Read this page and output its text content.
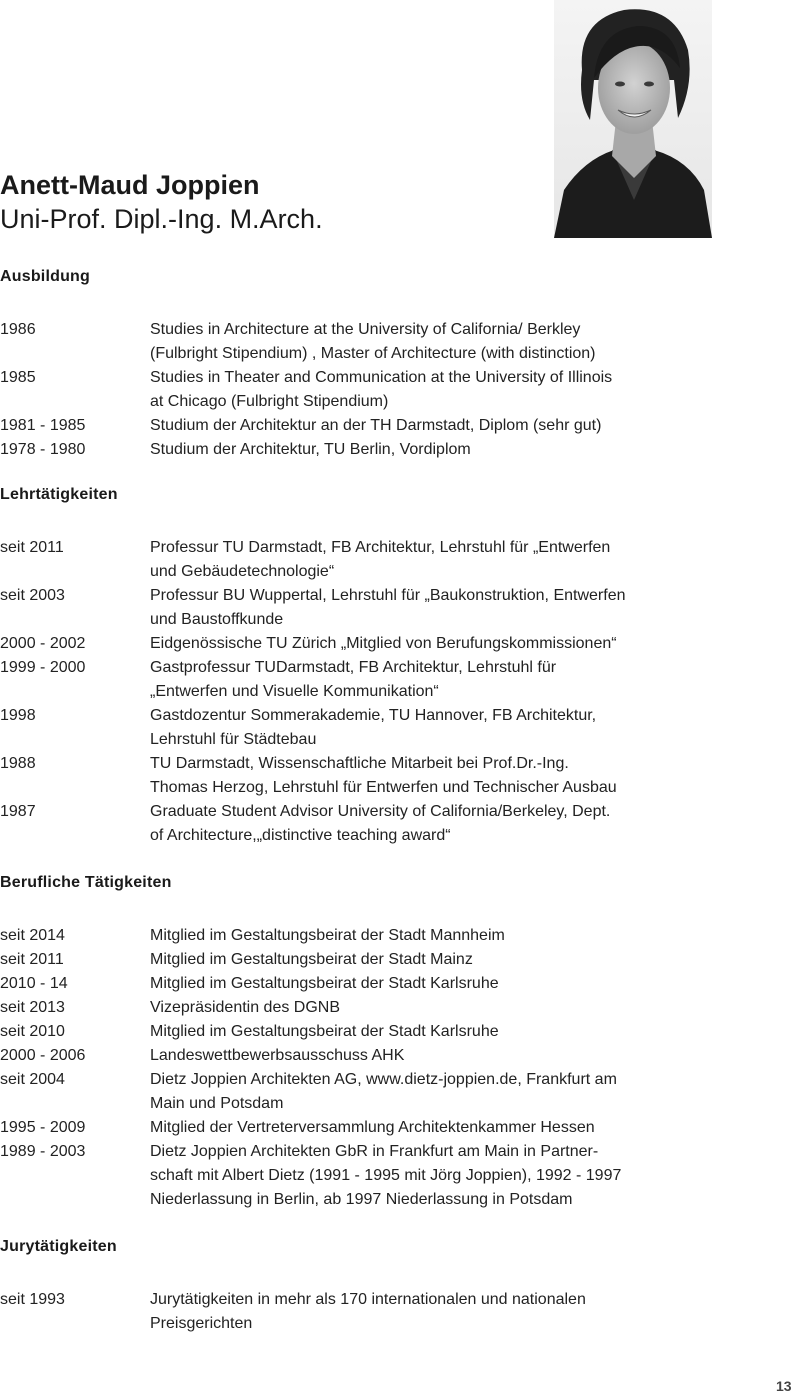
Anett-Maud Joppien
Uni-Prof. Dipl.-Ing. M.Arch.
Ausbildung
1986	Studies in Architecture at the University of California/ Berkley
(Fulbright Stipendium) , Master of Architecture (with distinction)
1985	Studies in Theater and Communication at the University of Illinois
at Chicago (Fulbright Stipendium)
1981 - 1985	Studium der Architektur an der TH Darmstadt, Diplom (sehr gut)
1978 - 1980	Studium der Architektur, TU Berlin, Vordiplom
Lehrtätigkeiten
seit 2011	Professur TU Darmstadt, FB Architektur, Lehrstuhl für „Entwerfen
und Gebäudetechnologie“
seit 2003	Professur BU Wuppertal, Lehrstuhl für „Baukonstruktion, Entwerfen
und Baustoffkunde
2000 - 2002	Eidgenössische TU Zürich „Mitglied von Berufungskommissionen“
1999 - 2000	Gastprofessur TUDarmstadt, FB Architektur, Lehrstuhl für
„Entwerfen und Visuelle Kommunikation“
1998	Gastdozentur Sommerakademie, TU Hannover, FB Architektur,
Lehrstuhl für Städtebau
1988	TU Darmstadt, Wissenschaftliche Mitarbeit bei Prof.Dr.-Ing.
Thomas Herzog, Lehrstuhl für Entwerfen und Technischer Ausbau
1987	Graduate Student Advisor University of California/Berkeley, Dept.
of Architecture,„distinctive teaching award“
Berufliche Tätigkeiten
seit 2014	Mitglied im Gestaltungsbeirat der Stadt Mannheim
seit 2011	Mitglied im Gestaltungsbeirat der Stadt Mainz
2010 - 14	Mitglied im Gestaltungsbeirat der Stadt Karlsruhe
seit 2013	Vizepräsidentin des DGNB
seit 2010	Mitglied im Gestaltungsbeirat der Stadt Karlsruhe
2000 - 2006	Landeswettbewerbsausschuss AHK
seit 2004	Dietz Joppien Architekten AG, www.dietz-joppien.de, Frankfurt am
Main und Potsdam
1995 - 2009	Mitglied der Vertreterversammlung Architektenkammer Hessen
1989 - 2003	Dietz Joppien Architekten GbR in Frankfurt am Main in Partner-
schaft mit Albert Dietz (1991 - 1995 mit Jörg Joppien), 1992 - 1997
Niederlassung in Berlin, ab 1997 Niederlassung in Potsdam
Jurytätigkeiten
seit 1993	Jurytätigkeiten in mehr als 170 internationalen und nationalen
Preisgerichten
13
